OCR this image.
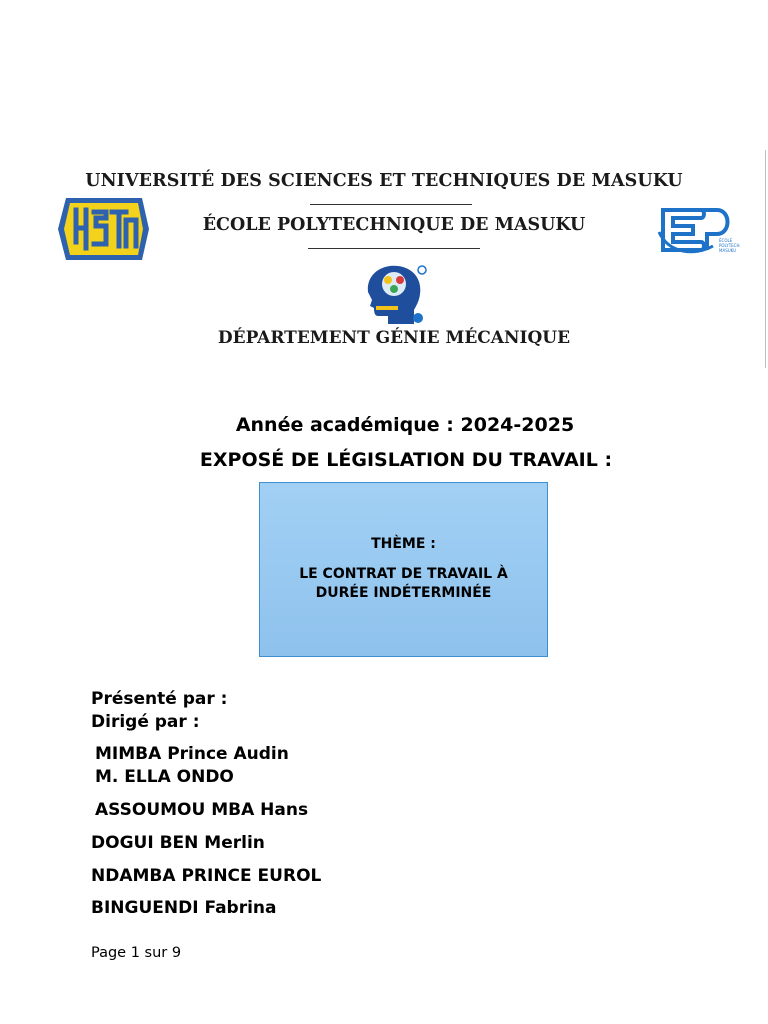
UNIVERSITÉ DES SCIENCES ET TECHNIQUES DE MASUKU
ÉCOLE POLYTECHNIQUE DE MASUKU
DÉPARTEMENT GÉNIE MÉCANIQUE
ÉCOLE
POLYTECH.
MASUKU
Année académique : 2024-2025
EXPOSÉ DE LÉGISLATION DU TRAVAIL :
THÈME :
LE CONTRAT DE TRAVAIL À DURÉE INDÉTERMINÉE
Présenté par :
Dirigé par :
MIMBA Prince Audin
M. ELLA ONDO
ASSOUMOU MBA Hans
DOGUI BEN Merlin
NDAMBA PRINCE EUROL
BINGUENDI Fabrina
Page 1 sur 9
